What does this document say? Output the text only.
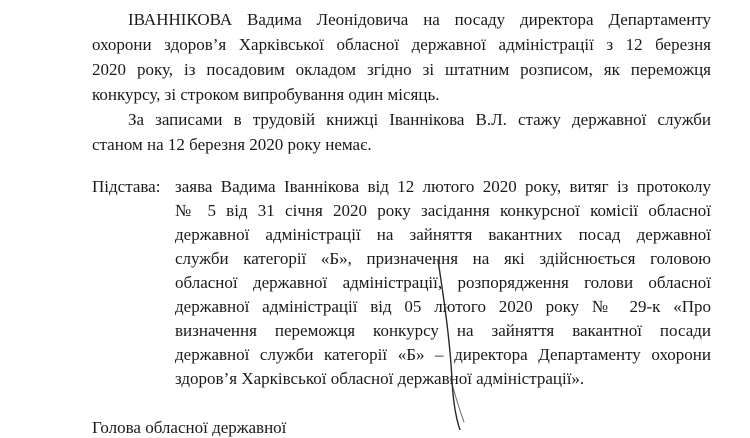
ІВАННІКОВА Вадима Леонідовича на посаду директора Департаменту
охорони здоров’я Харківської обласної державної адміністрації з 12 березня
2020 року, із посадовим окладом згідно зі штатним розписом, як переможця
конкурсу, зі строком випробування один місяць.
За записами в трудовій книжці Іваннікова В.Л. стажу державної служби
станом на 12 березня 2020 року немає.
Підстава: заява Вадима Іваннікова від 12 лютого 2020 року, витяг із протоколу
№ 5 від 31 січня 2020 року засідання конкурсної комісії обласної
державної адміністрації на зайняття вакантних посад державної
служби категорії «Б», призначення на які здійснюється головою
обласної державної адміністрації, розпорядження голови обласної
державної адміністрації від 05 лютого 2020 року № 29-к «Про
визначення переможця конкурсу на зайняття вакантної посади
державної служби категорії «Б» – директора Департаменту охорони
здоров’я Харківської обласної державної адміністрації».
Голова обласної державної
